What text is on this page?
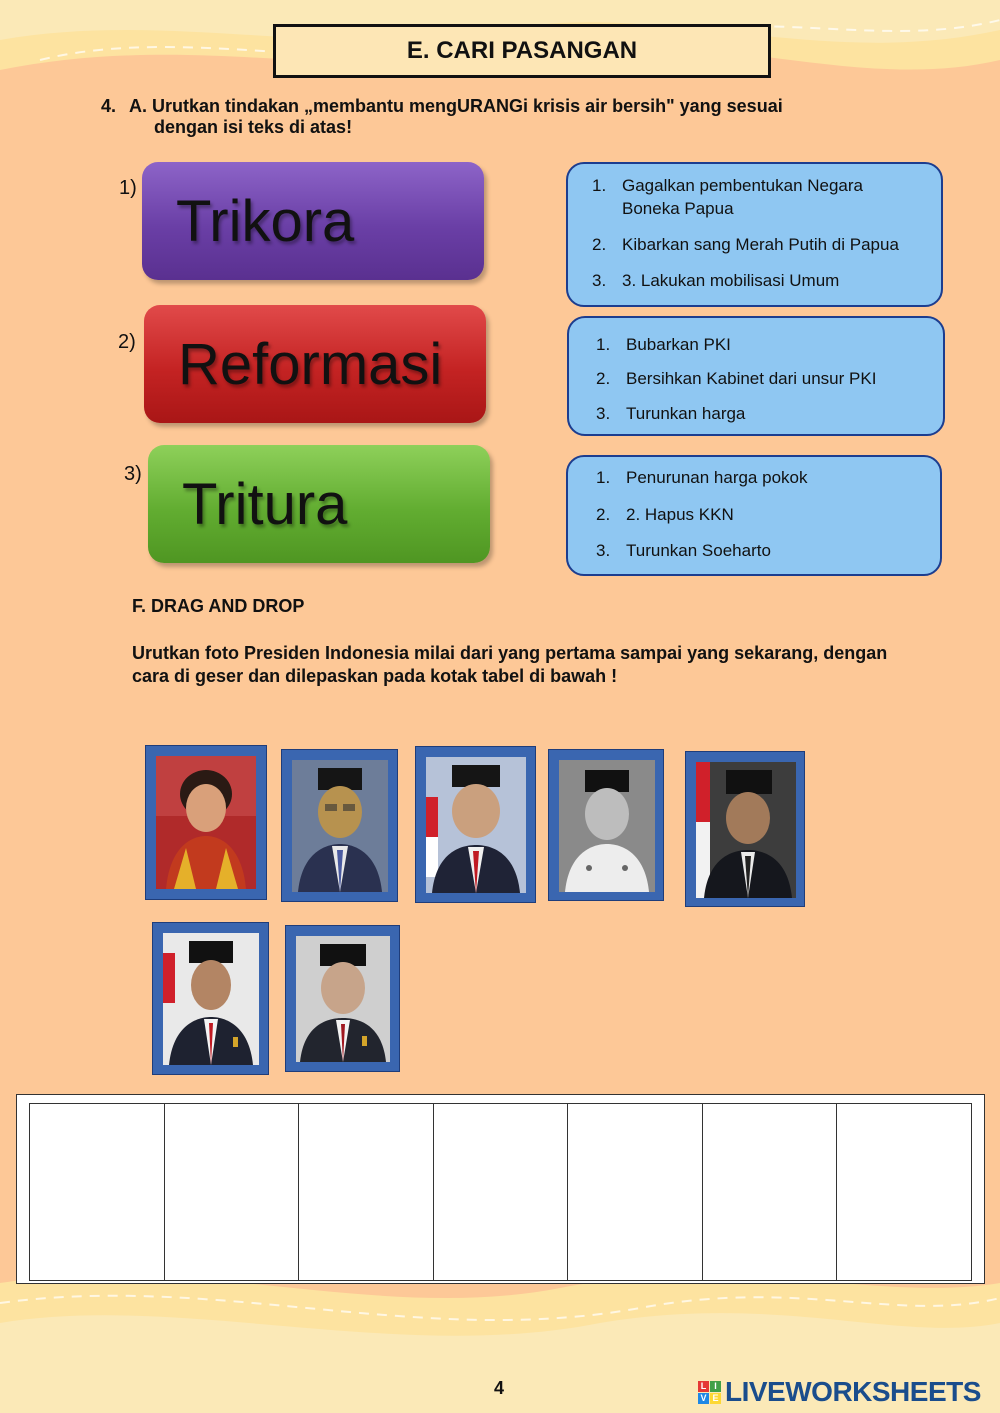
E. CARI PASANGAN
4. A. Urutkan tindakan „membantu mengURANGi krisis air bersih" yang sesuai
dengan isi teks di atas!
1)
Trikora
2) Reformasi
3) Tritura
1. Gagalkan pembentukan Negara
Boneka Papua
2. Kibarkan sang Merah Putih di Papua
3. 3. Lakukan mobilisasi Umum
1. Bubarkan PKI
2. Bersihkan Kabinet dari unsur PKI
3. Turunkan harga
1. Penurunan harga pokok
2. 2. Hapus KKN
3. Turunkan Soeharto
F. DRAG AND DROP
Urutkan foto Presiden Indonesia milai dari yang pertama sampai yang sekarang, dengan
cara di geser dan dilepaskan pada kotak tabel di bawah !
4	L I
V E LIVEWORKSHEETS
